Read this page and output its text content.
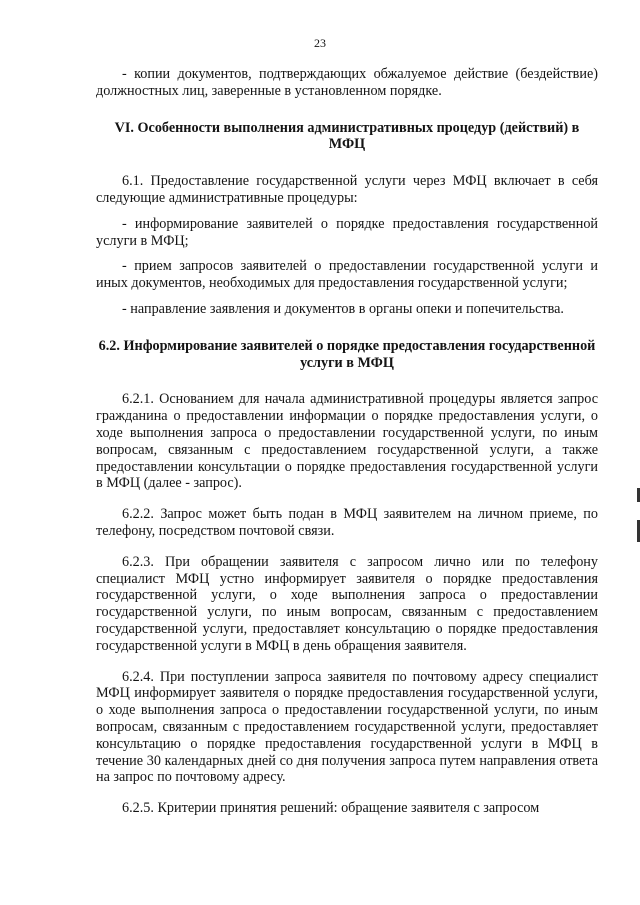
23

- копии документов, подтверждающих обжалуемое действие (бездействие) должностных лиц, заверенные в установленном порядке.

VI. Особенности выполнения административных процедур (действий) в МФЦ

6.1. Предоставление государственной услуги через МФЦ включает в себя следующие административные процедуры:

- информирование заявителей о порядке предоставления государственной услуги в МФЦ;

- прием запросов заявителей о предоставлении государственной услуги и иных документов, необходимых для предоставления государственной услуги;

- направление заявления и документов в органы опеки и попечительства.

6.2. Информирование заявителей о порядке предоставления государственной услуги в МФЦ

6.2.1. Основанием для начала административной процедуры является запрос гражданина о предоставлении информации о порядке предоставления услуги, о ходе выполнения запроса о предоставлении государственной услуги, по иным вопросам, связанным с предоставлением государственной услуги, а также предоставлении консультации о порядке предоставления государственной услуги в МФЦ (далее - запрос).

6.2.2. Запрос может быть подан в МФЦ заявителем на личном приеме, по телефону, посредством почтовой связи.

6.2.3. При обращении заявителя с запросом лично или по телефону специалист МФЦ устно информирует заявителя о порядке предоставления государственной услуги, о ходе выполнения запроса о предоставлении государственной услуги, по иным вопросам, связанным с предоставлением государственной услуги, предоставляет консультацию о порядке предоставления государственной услуги в МФЦ в день обращения заявителя.

6.2.4. При поступлении запроса заявителя по почтовому адресу специалист МФЦ информирует заявителя о порядке предоставления государственной услуги, о ходе выполнения запроса о предоставлении государственной услуги, по иным вопросам, связанным с предоставлением государственной услуги, предоставляет консультацию о порядке предоставления государственной услуги в МФЦ в течение 30 календарных дней со дня получения запроса путем направления ответа на запрос по почтовому адресу.

6.2.5. Критерии принятия решений: обращение заявителя с запросом
